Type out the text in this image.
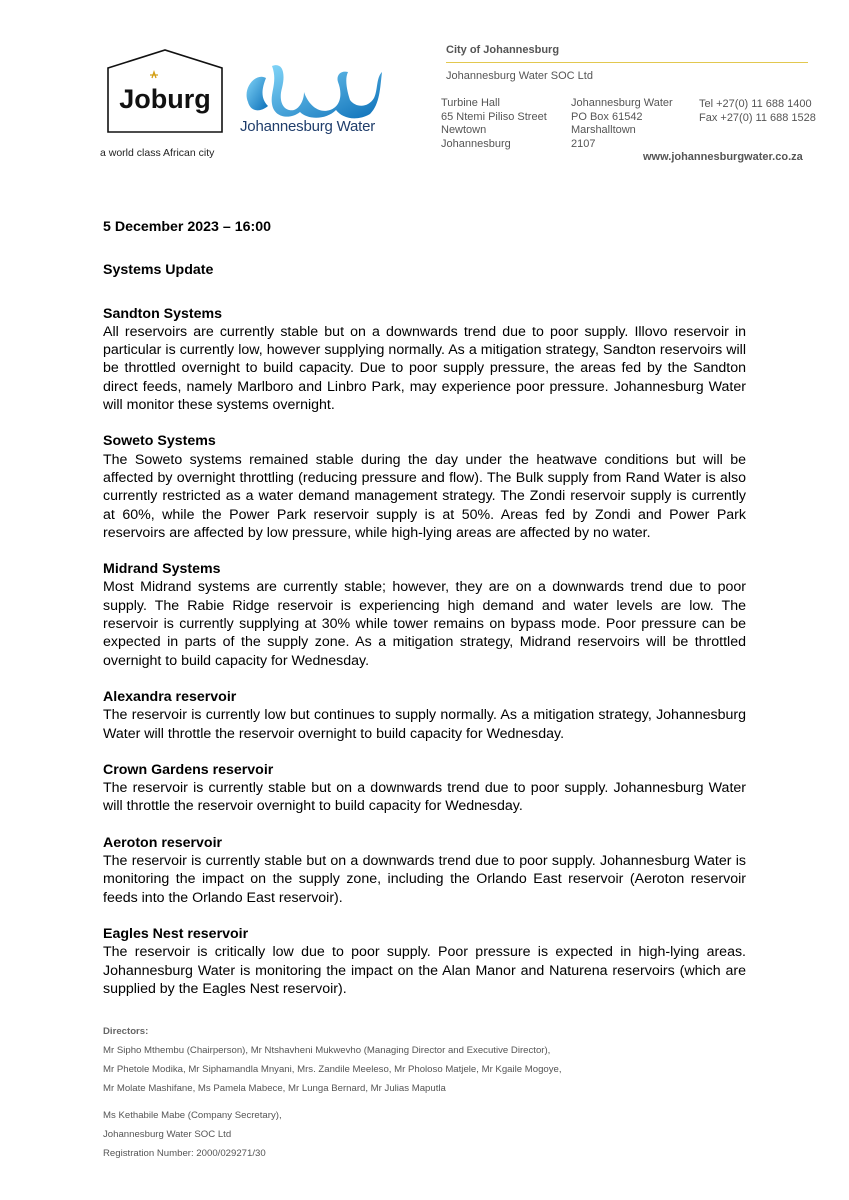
Joburg
a world class African city
Johannesburg Water
City of Johannesburg
Johannesburg Water SOC Ltd
Turbine Hall
65 Ntemi Piliso Street
Newtown
Johannesburg
Johannesburg Water
PO Box 61542
Marshalltown
2107
Tel +27(0) 11 688 1400
Fax +27(0) 11 688 1528
www.johannesburgwater.co.za
5 December 2023 – 16:00
Systems Update
Sandton Systems

All reservoirs are currently stable but on a downwards trend due to poor supply. Illovo reservoir in particular is currently low, however supplying normally. As a mitigation strategy, Sandton reservoirs will be throttled overnight to build capacity. Due to poor supply pressure, the areas fed by the Sandton direct feeds, namely Marlboro and Linbro Park, may experience poor pressure. Johannesburg Water will monitor these systems overnight.

Soweto Systems

The Soweto systems remained stable during the day under the heatwave conditions but will be affected by overnight throttling (reducing pressure and flow). The Bulk supply from Rand Water is also currently restricted as a water demand management strategy. The Zondi reservoir supply is currently at 60%, while the Power Park reservoir supply is at 50%. Areas fed by Zondi and Power Park reservoirs are affected by low pressure, while high-lying areas are affected by no water.

Midrand Systems

Most Midrand systems are currently stable; however, they are on a downwards trend due to poor supply. The Rabie Ridge reservoir is experiencing high demand and water levels are low. The reservoir is currently supplying at 30% while tower remains on bypass mode. Poor pressure can be expected in parts of the supply zone. As a mitigation strategy, Midrand reservoirs will be throttled overnight to build capacity for Wednesday.

Alexandra reservoir

The reservoir is currently low but continues to supply normally. As a mitigation strategy, Johannesburg Water will throttle the reservoir overnight to build capacity for Wednesday.

Crown Gardens reservoir

The reservoir is currently stable but on a downwards trend due to poor supply. Johannesburg Water will throttle the reservoir overnight to build capacity for Wednesday.

Aeroton reservoir

The reservoir is currently stable but on a downwards trend due to poor supply. Johannesburg Water is monitoring the impact on the supply zone, including the Orlando East reservoir (Aeroton reservoir feeds into the Orlando East reservoir).

Eagles Nest reservoir

The reservoir is critically low due to poor supply. Poor pressure is expected in high-lying areas. Johannesburg Water is monitoring the impact on the Alan Manor and Naturena reservoirs (which are supplied by the Eagles Nest reservoir).

Directors:
Mr Sipho Mthembu (Chairperson), Mr Ntshavheni Mukwevho (Managing Director and Executive Director),
Mr Phetole Modika, Mr Siphamandla Mnyani, Mrs. Zandile Meeleso, Mr Pholoso Matjele, Mr Kgaile Mogoye,
Mr Molate Mashifane, Ms Pamela Mabece, Mr Lunga Bernard, Mr Julias Maputla
Ms Kethabile Mabe (Company Secretary),
Johannesburg Water SOC Ltd
Registration Number: 2000/029271/30
